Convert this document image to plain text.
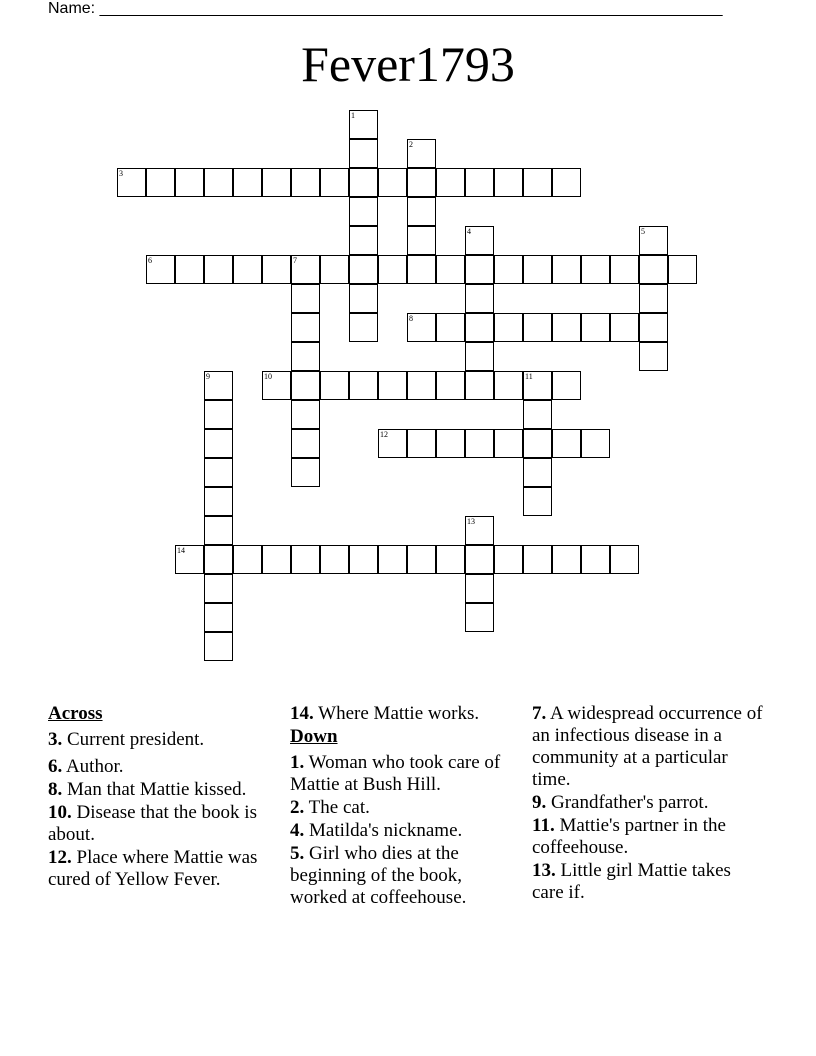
Name: ______________________________________________________________________
Fever1793
1
2
3
4	5
6	7
8
9	10	11
12
13
14
Across
3. Current president.
6. Author.
8. Man that Mattie kissed.
10. Disease that the book is about.
12. Place where Mattie was cured of Yellow Fever.
14. Where Mattie works.
Down
1. Woman who took care of Mattie at Bush Hill.
2. The cat.
4. Matilda's nickname.
5. Girl who dies at the beginning of the book, worked at coffeehouse.
7. A widespread occurrence of an infectious disease in a community at a particular time.
9. Grandfather's parrot.
11. Mattie's partner in the coffeehouse.
13. Little girl Mattie takes care if.
